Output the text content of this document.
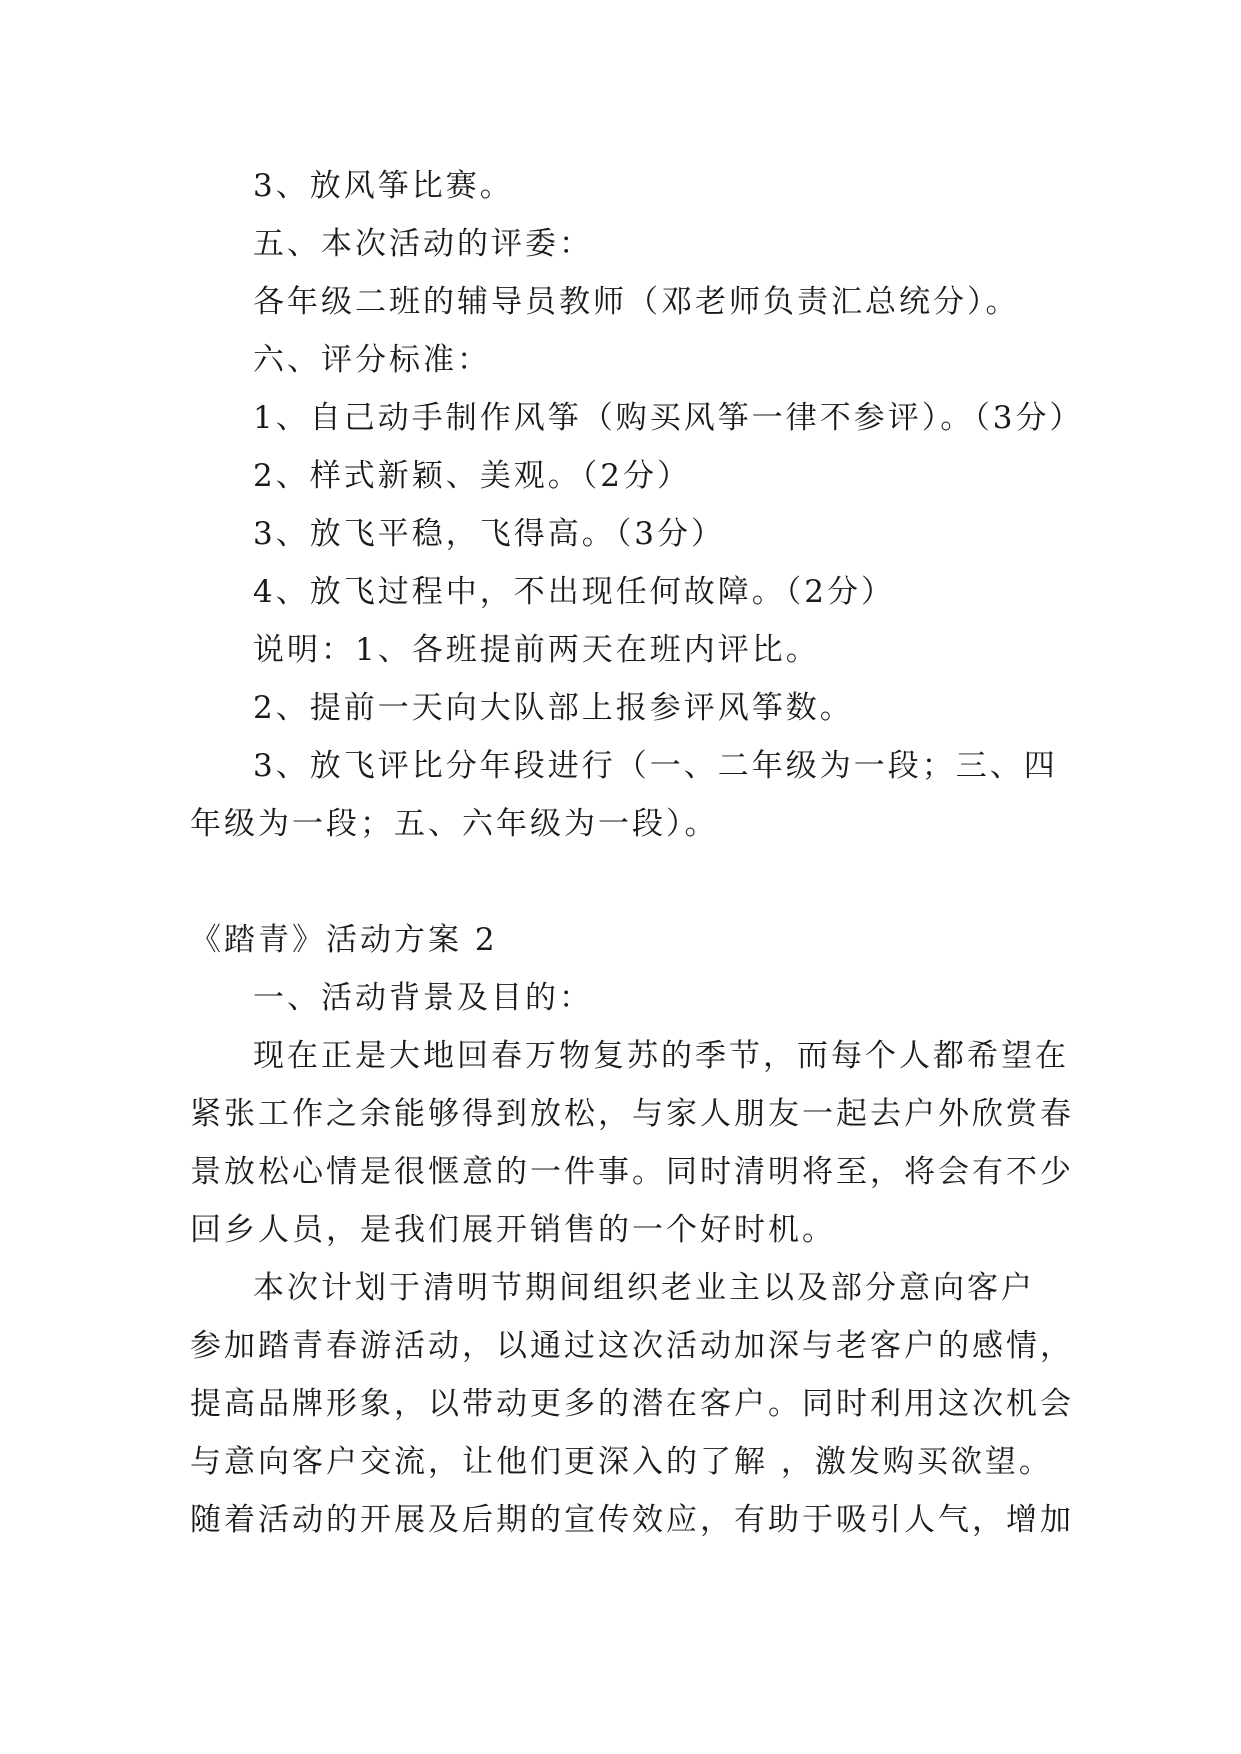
3、放风筝比赛。
五、本次活动的评委：
各年级二班的辅导员教师（邓老师负责汇总统分）。
六、评分标准：
1、自己动手制作风筝（购买风筝一律不参评）。（3分）
2、样式新颖、美观。（2分）
3、放飞平稳，飞得高。（3分）
4、放飞过程中，不出现任何故障。（2分）
说明：1、各班提前两天在班内评比。
2、提前一天向大队部上报参评风筝数。
3、放飞评比分年段进行（一、二年级为一段；三、四
年级为一段；五、六年级为一段）。
《踏青》活动方案 2
一、活动背景及目的：
现在正是大地回春万物复苏的季节，而每个人都希望在
紧张工作之余能够得到放松，与家人朋友一起去户外欣赏春
景放松心情是很惬意的一件事。同时清明将至，将会有不少
回乡人员，是我们展开销售的一个好时机。
本次计划于清明节期间组织老业主以及部分意向客户
参加踏青春游活动，以通过这次活动加深与老客户的感情，
提高品牌形象，以带动更多的潜在客户。同时利用这次机会
与意向客户交流，让他们更深入的了解 ，激发购买欲望。
随着活动的开展及后期的宣传效应，有助于吸引人气，增加
